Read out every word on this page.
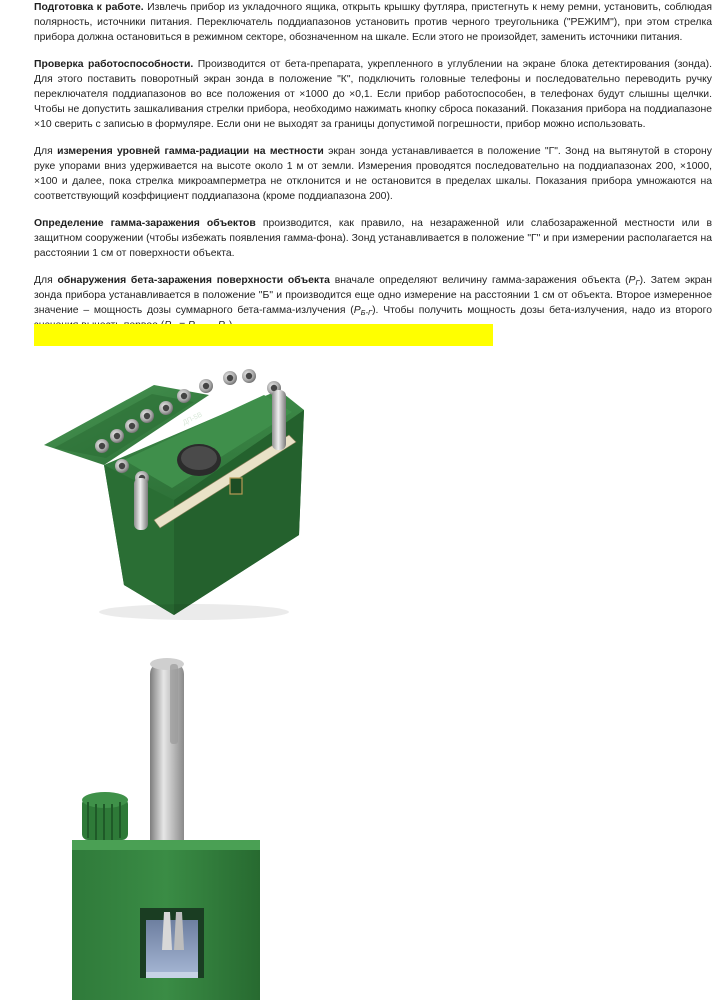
Подготовка к работе. Извлечь прибор из укладочного ящика, открыть крышку футляра, пристегнуть к нему ремни, установить, соблюдая полярность, источники питания. Переключатель поддиапазонов установить против черного треугольника ("РЕЖИМ"), при этом стрелка прибора должна остановиться в режимном секторе, обозначенном на шкале. Если этого не произойдет, заменить источники питания.

Проверка работоспособности. Производится от бета-препарата, укрепленного в углублении на экране блока детектирования (зонда). Для этого поставить поворотный экран зонда в положение "К", подключить головные телефоны и последовательно переводить ручку переключателя поддиапазонов во все положения от ×1000 до ×0,1. Если прибор работоспособен, в телефонах будут слышны щелчки. Чтобы не допустить зашкаливания стрелки прибора, необходимо нажимать кнопку сброса показаний. Показания прибора на поддиапазоне ×10 сверить с записью в формуляре. Если они не выходят за границы допустимой погрешности, прибор можно использовать.

Для измерения уровней гамма-радиации на местности экран зонда устанавливается в положение "Г". Зонд на вытянутой в сторону руке упорами вниз удерживается на высоте около 1 м от земли. Измерения проводятся последовательно на поддиапазонах 200, ×1000, ×100 и далее, пока стрелка микроамперметра не отклонится и не остановится в пределах шкалы. Показания прибора умножаются на соответствующий коэффициент поддиапазона (кроме поддиапазона 200).

Определение гамма-заражения объектов производится, как правило, на незараженной или слабозараженной местности или в защитном сооружении (чтобы избежать появления гамма-фона). Зонд устанавливается в положение "Г" и при измерении располагается на расстоянии 1 см от поверхности объекта.

Для обнаружения бета-заражения поверхности объекта вначале определяют величину гамма-заражения объекта $(Р_Г)$. Затем экран зонда прибора устанавливается в положение "Б" и производится еще одно измерение на расстоянии 1 см от объекта. Второе измеренное значение – мощность дозы суммарного бета-гамма-излучения $(Р_{Б-Г})$. Чтобы получить мощность дозы бета-излучения, надо из второго

ДП-5В
